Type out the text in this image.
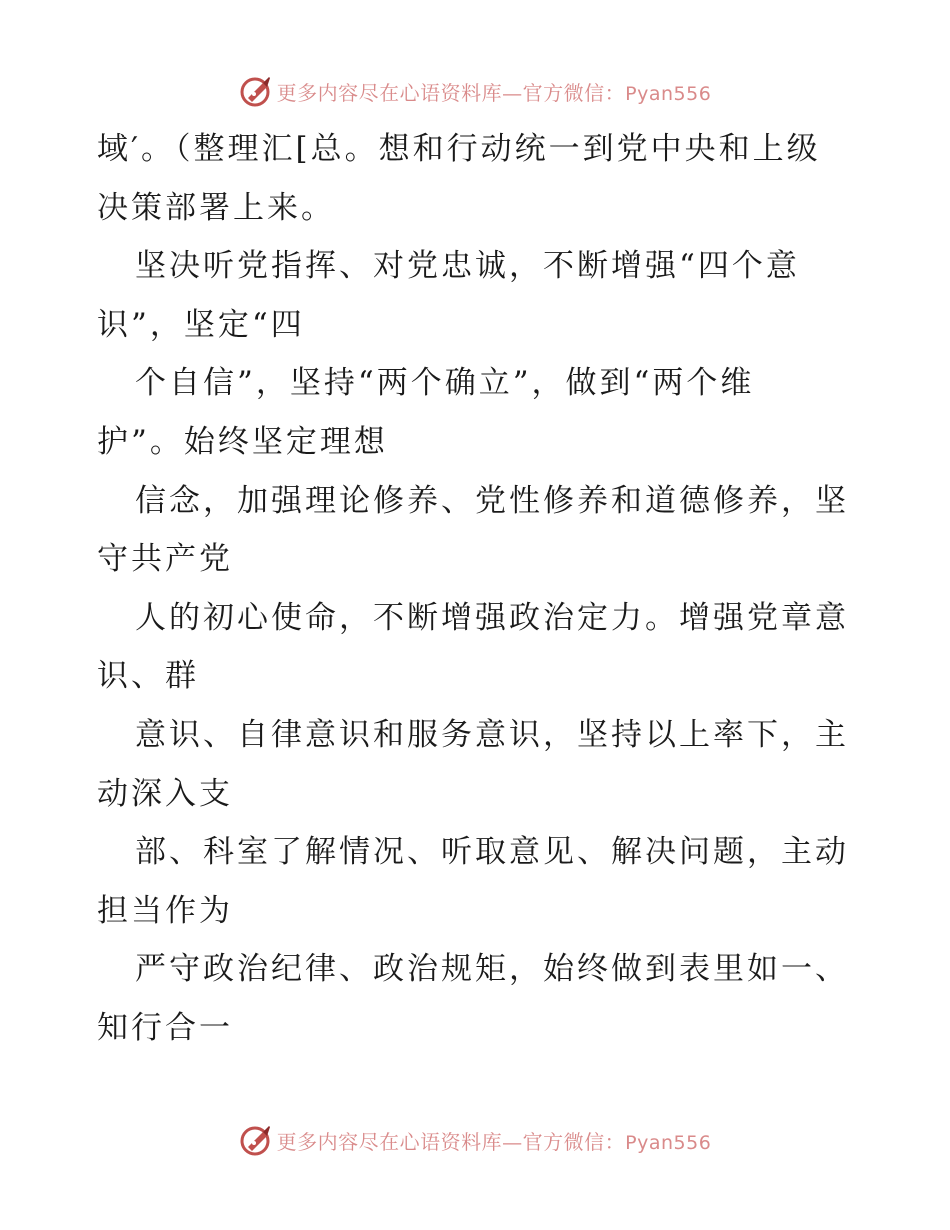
更多内容尽在心语资料库—官方微信：Pyan556
域′。（整理汇[总。想和行动统一到党中央和上级
决策部署上来。
坚决听党指挥、对党忠诚，不断增强“四个意
识”，坚定“四
个自信”，坚持“两个确立”，做到“两个维
护”。始终坚定理想
信念，加强理论修养、党性修养和道德修养，坚
守共产党
人的初心使命，不断增强政治定力。增强党章意
识、群
意识、自律意识和服务意识，坚持以上率下，主
动深入支
部、科室了解情况、听取意见、解决问题，主动
担当作为
严守政治纪律、政治规矩，始终做到表里如一、
知行合一
更多内容尽在心语资料库—官方微信：Pyan556
